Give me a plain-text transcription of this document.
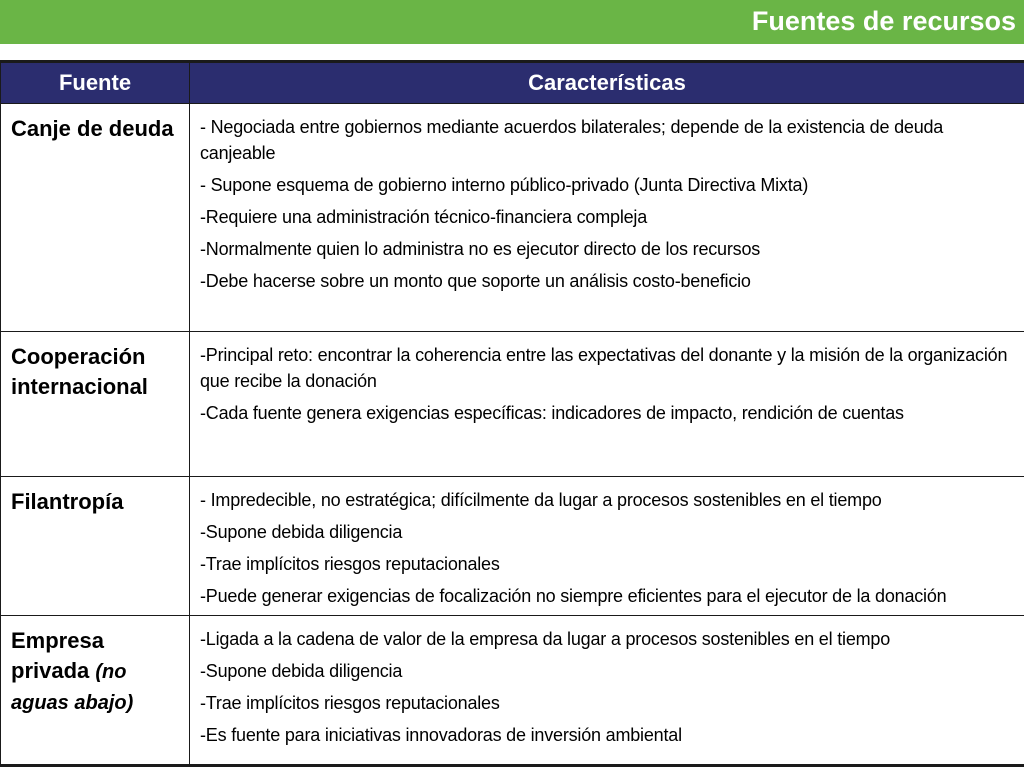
Fuentes de recursos
Fuente	Características
Canje de deuda	- Negociada entre gobiernos mediante acuerdos bilaterales; depende de la existencia de deuda canjeable

- Supone esquema de gobierno interno público-privado (Junta Directiva Mixta)

-Requiere una administración técnico-financiera compleja

-Normalmente quien lo administra no es ejecutor directo de los recursos

-Debe hacerse sobre un monto que soporte un análisis costo-beneficio

Cooperación internacional	-Principal reto: encontrar la coherencia entre las expectativas del donante y la misión de la organización que recibe la donación

-Cada fuente genera exigencias específicas: indicadores de impacto, rendición de cuentas

Filantropía	- Impredecible, no estratégica; difícilmente da lugar a procesos sostenibles en el tiempo

-Supone debida diligencia

-Trae implícitos riesgos reputacionales

-Puede generar exigencias de focalización no siempre eficientes para el ejecutor de la donación

Empresa privada (no aguas abajo)	-Ligada a la cadena de valor de la empresa da lugar a procesos sostenibles en el tiempo

-Supone debida diligencia

-Trae implícitos riesgos reputacionales

-Es fuente para iniciativas innovadoras de inversión ambiental
